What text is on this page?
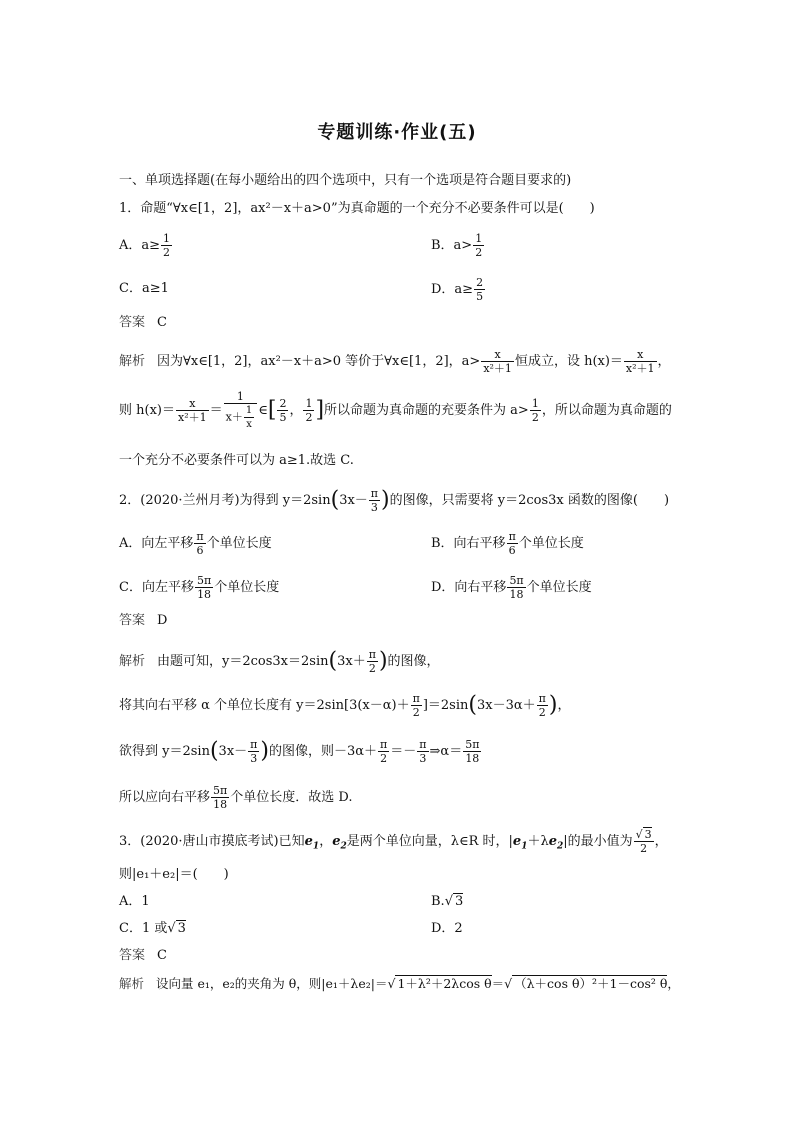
专题训练·作业(五)
一、单项选择题(在每小题给出的四个选项中，只有一个选项是符合题目要求的)
1．命题“∀x∈[1，2]，ax²－x＋a>0”为真命题的一个充分不必要条件可以是(　　)
A．$a\ge \frac{1}{2}$	B．$a> \frac{1}{2}$
C．a≥1	D．$a\ge \frac{2}{5}$
答案 C
解析 因为∀x∈[1，2]，ax²－x＋a>0 等价于∀x∈[1，2]，$a> \frac{x}{\text{x²＋1}}$ 恒成立，设 $h(x)= \frac{x}{\text{x²＋1}}$ ，
则 $h(x)= \frac{x}{\text{x²＋1}} = \frac{1}{x+ \frac{1}{x}}$ ∈[ $\frac{2}{5}$ ， $\frac{1}{2}$ ]所以命题为真命题的充要条件为 $a> \frac{1}{2}$ ，所以命题为真命题的
一个充分不必要条件可以为 a≥1.故选 C.
2．(2020·兰州月考)为得到 $y=2\sin(3x- \frac{\pi}{3}$ )的图像，只需要将 y＝2cos3x 函数的图像(　　)
A．向左平移 $\frac{\pi}{6}$ 个单位长度	B．向右平移 $\frac{\pi}{6}$ 个单位长度
C．向左平移 $\frac{5\pi}{18}$ 个单位长度	D．向右平移 $\frac{5\pi}{18}$ 个单位长度
答案 D
解析 由题可知，$y=2\cos 3x=2\sin(3x+ \frac{\pi}{2}$ )的图像，
将其向右平移 α 个单位长度有 $y=2\sin[3(x-\alpha)+ \frac{\pi}{2} ]=2\sin(3x-3\alpha+ \frac{\pi}{2}$ )，
欲得到 $y=2\sin(3x- \frac{\pi}{3}$ )的图像，则$-3\alpha+ \frac{\pi}{2} =- \frac{\pi}{3}$ ⇒α＝ $\frac{5\pi}{18}$
所以应向右平移 $\frac{5\pi}{18}$ 个单位长度．故选 D.
3．(2020·唐山市摸底考试)已知$e_1$，$e_2$是两个单位向量，λ∈R 时，$|e_1+\lambda e_2|$的最小值为 $\frac{√ 3}{2}$ ，
则|e₁＋e₂|＝(　　)
A．1	B.√ 3
C．1 或√ 3	D．2
答案 C
解析 设向量 e₁，e₂的夹角为 θ，则|e₁＋λe₂|＝√ 1＋λ²＋2λcos θ＝√ （λ＋cos θ）²＋1－cos² θ，
